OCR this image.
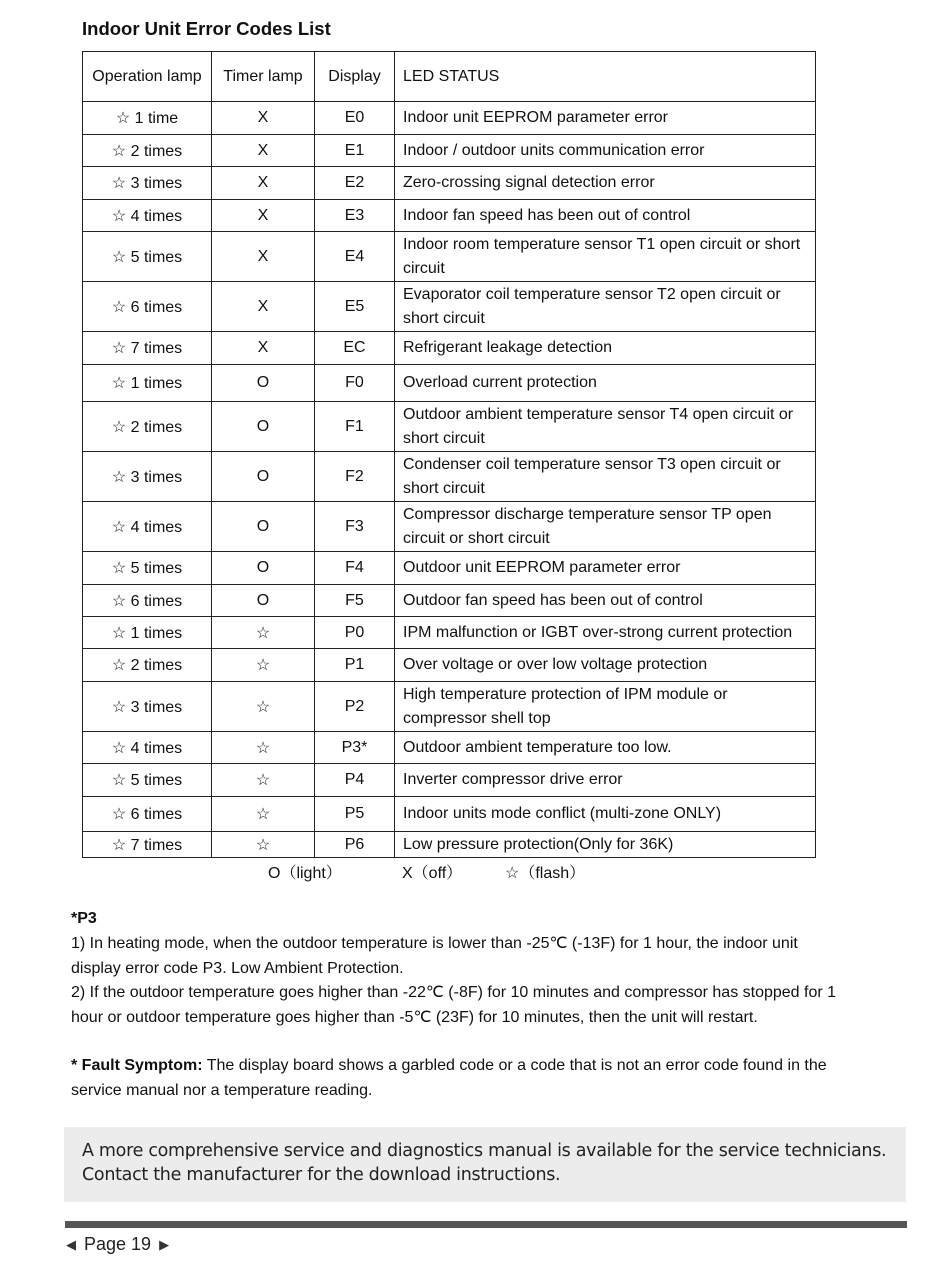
Indoor Unit Error Codes List
Operation lamp	Timer lamp	Display	LED STATUS
☆ 1 time	X	E0	Indoor unit EEPROM parameter error
☆ 2 times	X	E1	Indoor / outdoor units communication error
☆ 3 times	X	E2	Zero-crossing signal detection error
☆ 4 times	X	E3	Indoor fan speed has been out of control
☆ 5 times	X	E4	Indoor room temperature sensor T1 open circuit or short circuit
☆ 6 times	X	E5	Evaporator coil temperature sensor T2 open circuit or short circuit
☆ 7 times	X	EC	Refrigerant leakage detection
☆ 1 times	O	F0	Overload current protection
☆ 2 times	O	F1	Outdoor ambient temperature sensor T4 open circuit or short circuit
☆ 3 times	O	F2	Condenser coil temperature sensor T3 open circuit or short circuit
☆ 4 times	O	F3	Compressor discharge temperature sensor TP open circuit or short circuit
☆ 5 times	O	F4	Outdoor unit EEPROM parameter error
☆ 6 times	O	F5	Outdoor fan speed has been out of control
☆ 1 times	☆	P0	IPM malfunction or IGBT over-strong current protection
☆ 2 times	☆	P1	Over voltage or over low voltage protection
☆ 3 times	☆	P2	High temperature protection of IPM module or compressor shell top
☆ 4 times	☆	P3*	Outdoor ambient temperature too low.
☆ 5 times	☆	P4	Inverter compressor drive error
☆ 6 times	☆	P5	Indoor units mode conflict (multi-zone ONLY)
☆ 7 times	☆	P6	Low pressure protection(Only for 36K)
O（light）	X（off）	☆（flash）
*P3
1) In heating mode, when the outdoor temperature is lower than -25℃ (-13F) for 1 hour, the indoor unit display error code P3. Low Ambient Protection.
2) If the outdoor temperature goes higher than -22℃ (-8F) for 10 minutes and compressor has stopped for 1 hour or outdoor temperature goes higher than -5℃ (23F) for 10 minutes, then the unit will restart.
* Fault Symptom: The display board shows a garbled code or a code that is not an error code found in the service manual nor a temperature reading.

A more comprehensive service and diagnostics manual is available for the service technicians.
Contact the manufacturer for the download instructions.

◀ Page 19 ▶
